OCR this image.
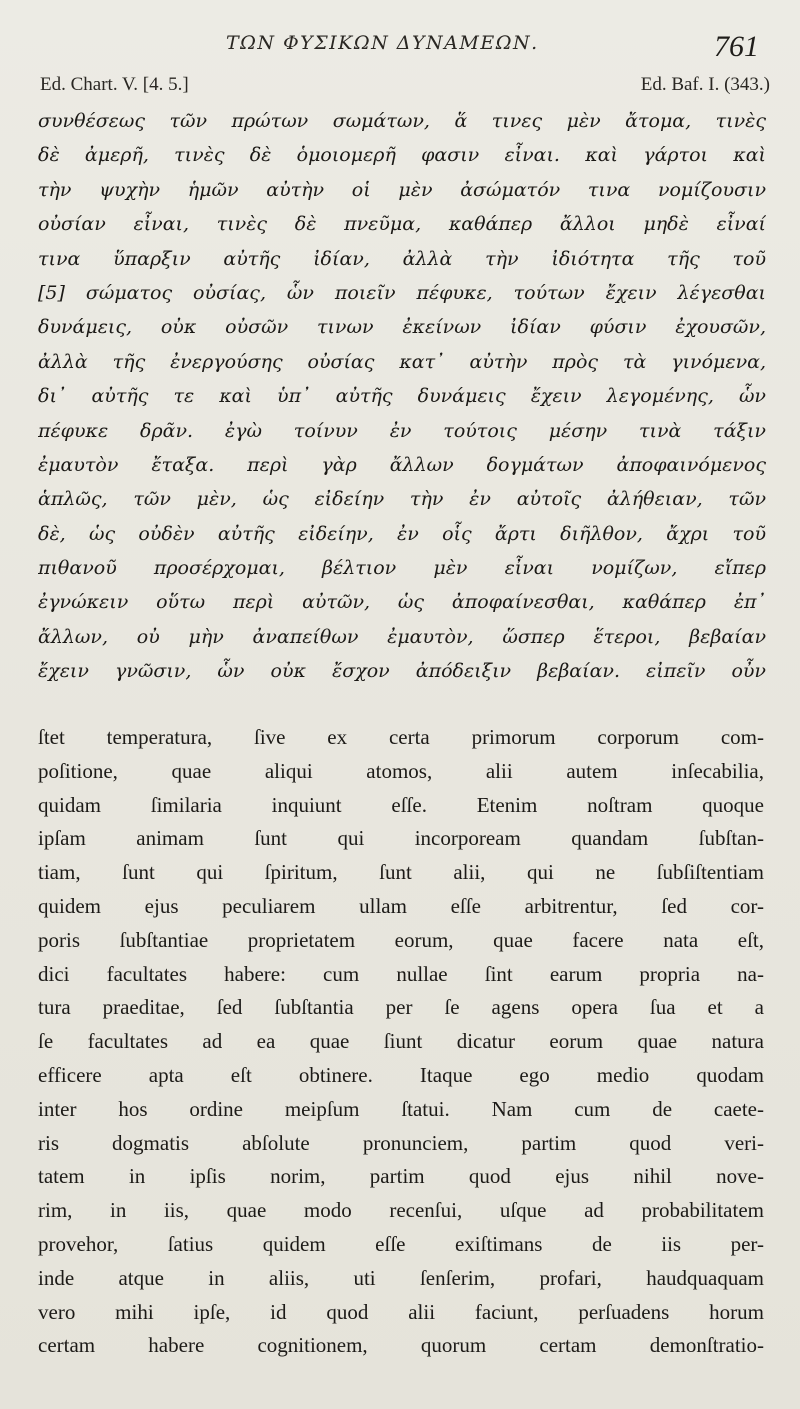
ΤΩΝ ΦΥΣΙΚΩΝ ΔΥΝΑΜΕΩΝ.	761
Ed. Chart. V. [4. 5.]	Ed. Baf. I. (343.)
συνθέσεως τῶν πρώτων σωμάτων, ἅ τινες μὲν ἄτομα, τινὲς
δὲ ἀμερῆ, τινὲς δὲ ὁμοιομερῆ φασιν εἶναι. καὶ γάρτοι καὶ
τὴν ψυχὴν ἡμῶν αὐτὴν οἱ μὲν ἀσώματόν τινα νομίζουσιν
οὐσίαν εἶναι, τινὲς δὲ πνεῦμα, καθάπερ ἄλλοι μηδὲ εἶναί
τινα ὕπαρξιν αὐτῆς ἰδίαν, ἀλλὰ τὴν ἰδιότητα τῆς τοῦ
[5] σώματος οὐσίας, ὧν ποιεῖν πέφυκε, τούτων ἔχειν λέγεσθαι
δυνάμεις, οὐκ οὐσῶν τινων ἐκείνων ἰδίαν φύσιν ἐχουσῶν,
ἀλλὰ τῆς ἐνεργούσης οὐσίας κατ᾽ αὐτὴν πρὸς τὰ γινόμενα,
δι᾽ αὐτῆς τε καὶ ὑπ᾽ αὐτῆς δυνάμεις ἔχειν λεγομένης, ὧν
πέφυκε δρᾶν. ἐγὼ τοίνυν ἐν τούτοις μέσην τινὰ τάξιν
ἐμαυτὸν ἔταξα. περὶ γὰρ ἄλλων δογμάτων ἀποφαινόμενος
ἁπλῶς, τῶν μὲν, ὡς εἰδείην τὴν ἐν αὐτοῖς ἀλήθειαν, τῶν
δὲ, ὡς οὐδὲν αὐτῆς εἰδείην, ἐν οἷς ἄρτι διῆλθον, ἄχρι τοῦ
πιθανοῦ προσέρχομαι, βέλτιον μὲν εἶναι νομίζων, εἴπερ
ἐγνώκειν οὕτω περὶ αὐτῶν, ὡς ἀποφαίνεσθαι, καθάπερ ἐπ᾽
ἄλλων, οὐ μὴν ἀναπείθων ἐμαυτὸν, ὥσπερ ἕτεροι, βεβαίαν
ἔχειν γνῶσιν, ὧν οὐκ ἔσχον ἀπόδειξιν βεβαίαν. εἰπεῖν οὖν
ſtet temperatura, ſive ex certa primorum corporum com-
poſitione, quae aliqui atomos, alii autem inſecabilia,
quidam ſimilaria inquiunt eſſe. Etenim noſtram quoque
ipſam animam ſunt qui incorpoream quandam ſubſtan-
tiam, ſunt qui ſpiritum, ſunt alii, qui ne ſubſiſtentiam
quidem ejus peculiarem ullam eſſe arbitrentur, ſed cor-
poris ſubſtantiae proprietatem eorum, quae facere nata eſt,
dici facultates habere: cum nullae ſint earum propria na-
tura praeditae, ſed ſubſtantia per ſe agens opera ſua et a
ſe facultates ad ea quae ſiunt dicatur eorum quae natura
efficere apta eſt obtinere. Itaque ego medio quodam
inter hos ordine meipſum ſtatui. Nam cum de caete-
ris dogmatis abſolute pronunciem, partim quod veri-
tatem in ipſis norim, partim quod ejus nihil nove-
rim, in iis, quae modo recenſui, uſque ad probabilitatem
provehor, ſatius quidem eſſe exiſtimans de iis per-
inde atque in aliis, uti ſenſerim, profari, haudquaquam
vero mihi ipſe, id quod alii faciunt, perſuadens horum
certam habere cognitionem, quorum certam demonſtratio-
